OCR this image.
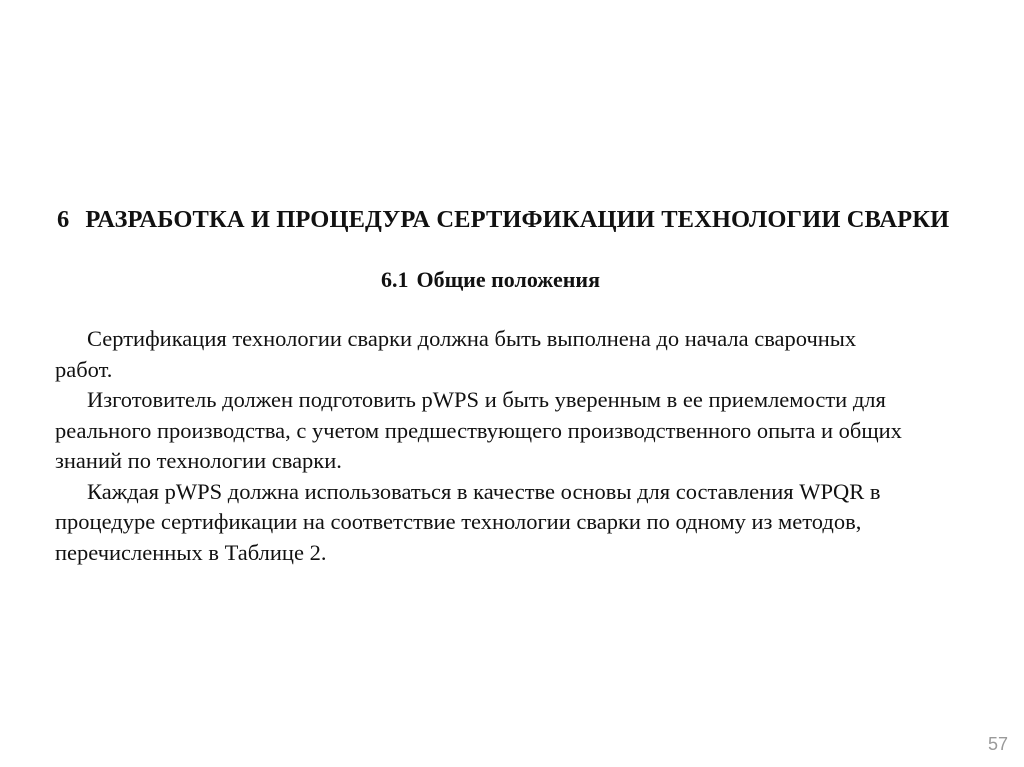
6 РАЗРАБОТКА И ПРОЦЕДУРА СЕРТИФИКАЦИИ ТЕХНОЛОГИИ СВАРКИ
6.1 Общие положения

Сертификация технологии сварки должна быть выполнена до начала сварочных
работ.

Изготовитель должен подготовить pWPS и быть уверенным в ее приемлемости для
реального производства, с учетом предшествующего производственного опыта и общих
знаний по технологии сварки.

Каждая pWPS должна использоваться в качестве основы для составления WPQR в
процедуре сертификации на соответствие технологии сварки по одному из методов,
перечисленных в Таблице 2.

57
